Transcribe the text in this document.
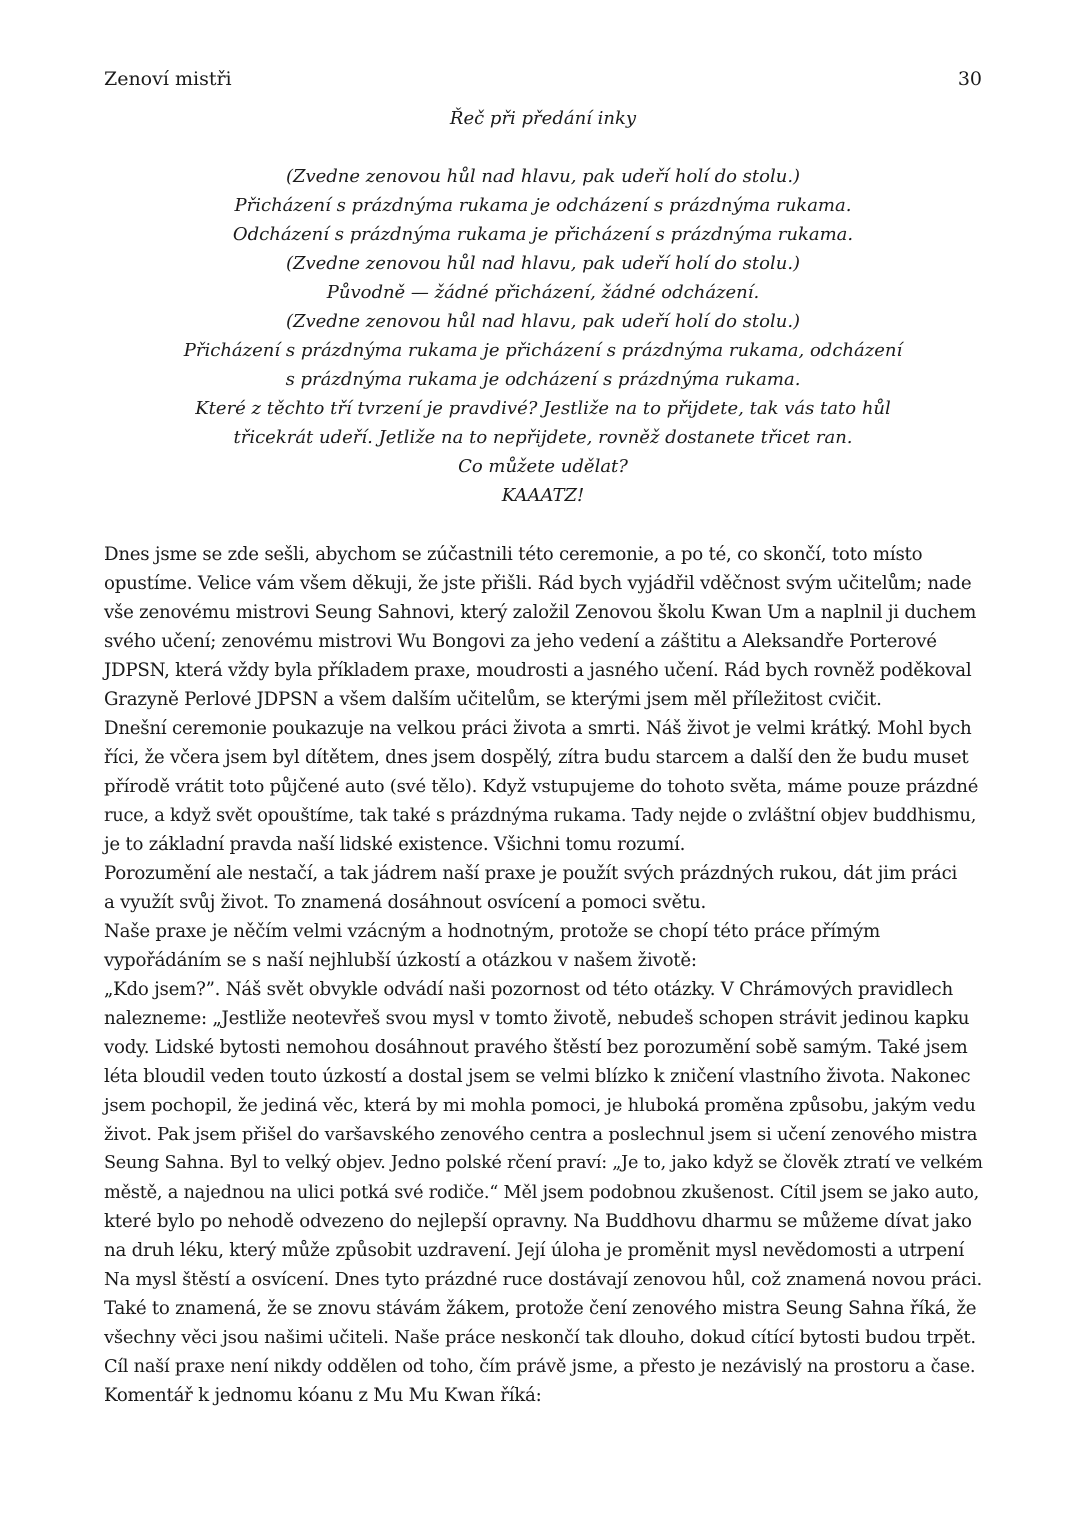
Zenoví mistři	30
Řeč při předání inky
(Zvedne zenovou hůl nad hlavu, pak udeří holí do stolu.)
Přicházení s prázdnýma rukama je odcházení s prázdnýma rukama.
Odcházení s prázdnýma rukama je přicházení s prázdnýma rukama.
(Zvedne zenovou hůl nad hlavu, pak udeří holí do stolu.)
Původně — žádné přicházení, žádné odcházení.
(Zvedne zenovou hůl nad hlavu, pak udeří holí do stolu.)
Přicházení s prázdnýma rukama je přicházení s prázdnýma rukama, odcházení
s prázdnýma rukama je odcházení s prázdnýma rukama.
Které z těchto tří tvrzení je pravdivé? Jestliže na to přijdete, tak vás tato hůl
třicekrát udeří. Jetliže na to nepřijdete, rovněž dostanete třicet ran.
Co můžete udělat?
KAAATZ!
Dnes jsme se zde sešli, abychom se zúčastnili této ceremonie, a po té, co skončí, toto místo
opustíme. Velice vám všem děkuji, že jste přišli. Rád bych vyjádřil vděčnost svým učitelům; nade
vše zenovému mistrovi Seung Sahnovi, který založil Zenovou školu Kwan Um a naplnil ji duchem
svého učení; zenovému mistrovi Wu Bongovi za jeho vedení a záštitu a Aleksandře Porterové
JDPSN, která vždy byla příkladem praxe, moudrosti a jasného učení. Rád bych rovněž poděkoval
Grazyně Perlové JDPSN a všem dalším učitelům, se kterými jsem měl příležitost cvičit.
Dnešní ceremonie poukazuje na velkou práci života a smrti. Náš život je velmi krátký. Mohl bych
říci, že včera jsem byl dítětem, dnes jsem dospělý, zítra budu starcem a další den že budu muset
přírodě vrátit toto půjčené auto (své tělo). Když vstupujeme do tohoto světa, máme pouze prázdné
ruce, a když svět opouštíme, tak také s prázdnýma rukama. Tady nejde o zvláštní objev buddhismu,
je to základní pravda naší lidské existence. Všichni tomu rozumí.
Porozumění ale nestačí, a tak jádrem naší praxe je použít svých prázdných rukou, dát jim práci
a využít svůj život. To znamená dosáhnout osvícení a pomoci světu.
Naše praxe je něčím velmi vzácným a hodnotným, protože se chopí této práce přímým
vypořádáním se s naší nejhlubší úzkostí a otázkou v našem životě:
„Kdo jsem?”. Náš svět obvykle odvádí naši pozornost od této otázky. V Chrámových pravidlech
nalezneme: „Jestliže neotevřeš svou mysl v tomto životě, nebudeš schopen strávit jedinou kapku
vody. Lidské bytosti nemohou dosáhnout pravého štěstí bez porozumění sobě samým. Také jsem
léta bloudil veden touto úzkostí a dostal jsem se velmi blízko k zničení vlastního života. Nakonec
jsem pochopil, že jediná věc, která by mi mohla pomoci, je hluboká proměna způsobu, jakým vedu
život. Pak jsem přišel do varšavského zenového centra a poslechnul jsem si učení zenového mistra
Seung Sahna. Byl to velký objev. Jedno polské rčení praví: „Je to, jako když se člověk ztratí ve velkém
městě, a najednou na ulici potká své rodiče.“ Měl jsem podobnou zkušenost. Cítil jsem se jako auto,
které bylo po nehodě odvezeno do nejlepší opravny. Na Buddhovu dharmu se můžeme dívat jako
na druh léku, který může způsobit uzdravení. Její úloha je proměnit mysl nevědomosti a utrpení
Na mysl štěstí a osvícení. Dnes tyto prázdné ruce dostávají zenovou hůl, což znamená novou práci.
Také to znamená, že se znovu stávám žákem, protože čení zenového mistra Seung Sahna říká, že
všechny věci jsou našimi učiteli. Naše práce neskončí tak dlouho, dokud cítící bytosti budou trpět.
Cíl naší praxe není nikdy oddělen od toho, čím právě jsme, a přesto je nezávislý na prostoru a čase.
Komentář k jednomu kóanu z Mu Mu Kwan říká:
